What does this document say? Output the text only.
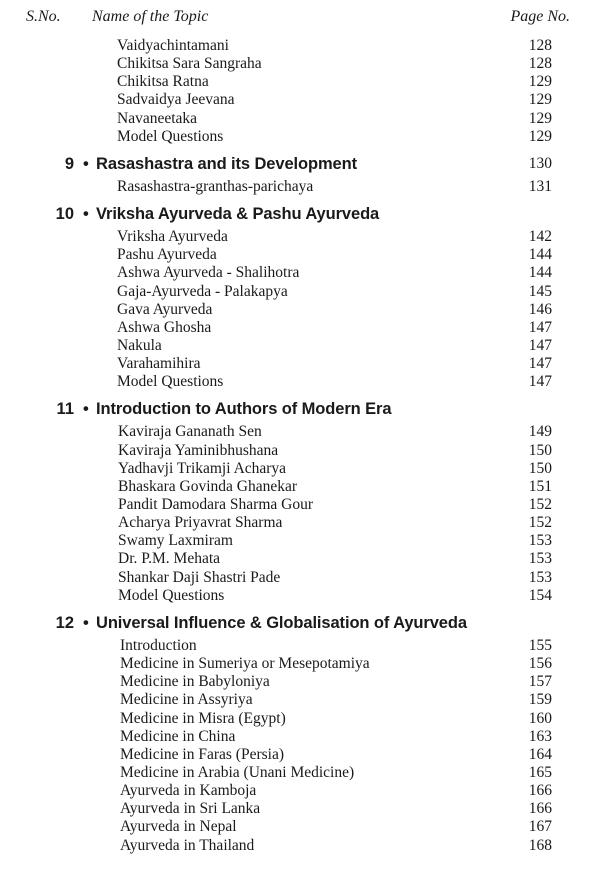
S.No. Name of the Topic	Page No.
Vaidyachintamani	128
Chikitsa Sara Sangraha	128
Chikitsa Ratna	129
Sadvaidya Jeevana	129
Navaneetaka	129
Model Questions	129
9 • Rasashastra and its Development	130
Rasashastra-granthas-parichaya	131
10 • Vriksha Ayurveda & Pashu Ayurveda
Vriksha Ayurveda	142
Pashu Ayurveda	144
Ashwa Ayurveda - Shalihotra	144
Gaja-Ayurveda - Palakapya	145
Gava Ayurveda	146
Ashwa Ghosha	147
Nakula	147
Varahamihira	147
Model Questions	147
11 • Introduction to Authors of Modern Era
Kaviraja Gananath Sen	149
Kaviraja Yaminibhushana	150
Yadhavji Trikamji Acharya	150
Bhaskara Govinda Ghanekar	151
Pandit Damodara Sharma Gour	152
Acharya Priyavrat Sharma	152
Swamy Laxmiram	153
Dr. P.M. Mehata	153
Shankar Daji Shastri Pade	153
Model Questions	154
12 • Universal Influence & Globalisation of Ayurveda
Introduction	155
Medicine in Sumeriya or Mesepotamiya	156
Medicine in Babyloniya	157
Medicine in Assyriya	159
Medicine in Misra (Egypt)	160
Medicine in China	163
Medicine in Faras (Persia)	164
Medicine in Arabia (Unani Medicine)	165
Ayurveda in Kamboja	166
Ayurveda in Sri Lanka	166
Ayurveda in Nepal	167
Ayurveda in Thailand	168
